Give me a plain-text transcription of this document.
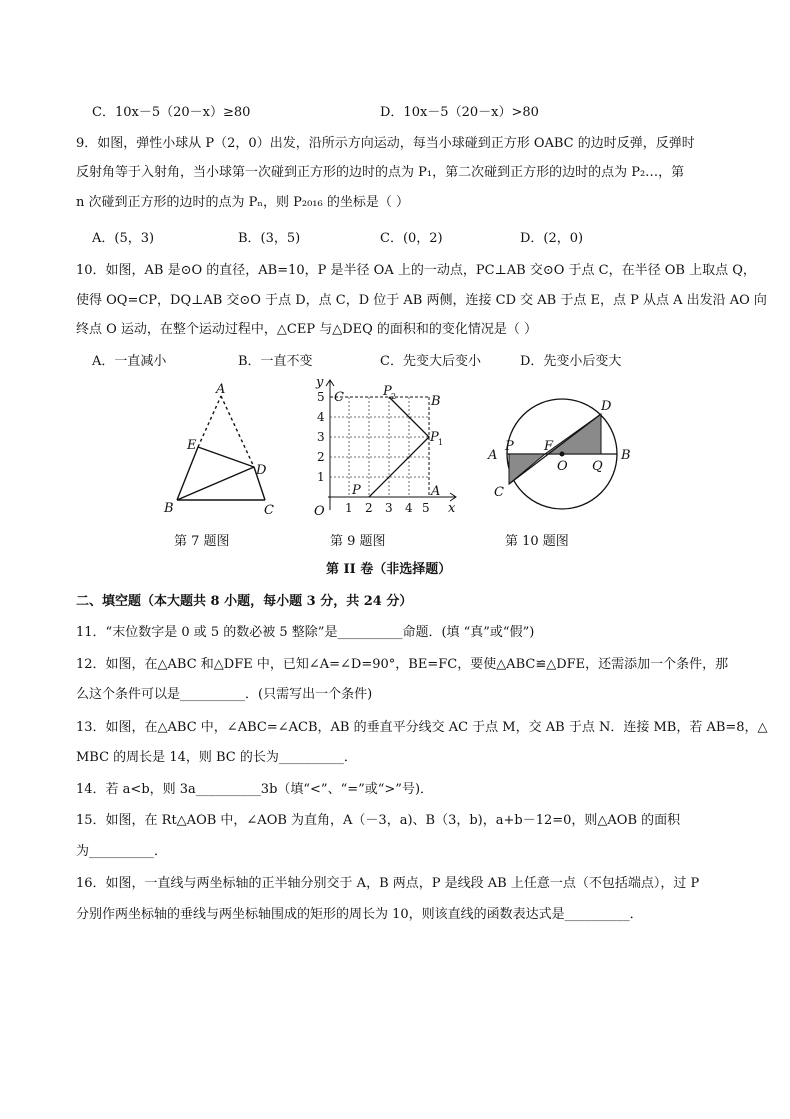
C．10x－5（20－x）≥80	D．10x－5（20－x）>80
9．如图，弹性小球从 P（2，0）出发，沿所示方向运动，每当小球碰到正方形 OABC 的边时反弹，反弹时
反射角等于入射角，当小球第一次碰到正方形的边时的点为 P₁，第二次碰到正方形的边时的点为 P₂…，第
n 次碰到正方形的边时的点为 Pₙ，则 P₂₀₁₆ 的坐标是（ ）
A．(5，3)	B．(3，5)	C．(0，2)	D．(2，0)
10．如图，AB 是⊙O 的直径，AB=10，P 是半径 OA 上的一动点，PC⊥AB 交⊙O 于点 C，在半径 OB 上取点 Q，
使得 OQ=CP，DQ⊥AB 交⊙O 于点 D，点 C，D 位于 AB 两侧，连接 CD 交 AB 于点 E，点 P 从点 A 出发沿 AO 向
终点 O 运动，在整个运动过程中，△CEP 与△DEQ 的面积和的变化情况是（ ）
A．一直减小	B．一直不变	C．先变大后变小	D．先变小后变大
A
E
D
B	C
第 7 题图
5
4
3
2
1
1 2 3 4 5
y
x
O
C	B
A
P
P
P
1
2
第 9 题图
A	B
C
D
P
Q
F
O
第 10 题图
第 II 卷（非选择题）
二、填空题（本大题共 8 小题，每小题 3 分，共 24 分）
11．“末位数字是 0 或 5 的数必被 5 整除”是__________命题．(填 “真”或“假”)
12．如图，在△ABC 和△DFE 中，已知∠A=∠D=90°，BE=FC，要使△ABC≌△DFE，还需添加一个条件，那
么这个条件可以是__________．(只需写出一个条件)
13．如图，在△ABC 中，∠ABC=∠ACB，AB 的垂直平分线交 AC 于点 M，交 AB 于点 N．连接 MB，若 AB=8，△
MBC 的周长是 14，则 BC 的长为__________．
14．若 a<b，则 3a__________3b（填“<”、“=”或“>”号)．
15．如图，在 Rt△AOB 中，∠AOB 为直角，A（－3，a)、B（3，b)，a+b－12=0，则△AOB 的面积
为__________．
16．如图，一直线与两坐标轴的正半轴分别交于 A，B 两点，P 是线段 AB 上任意一点（不包括端点），过 P
分别作两坐标轴的垂线与两坐标轴围成的矩形的周长为 10，则该直线的函数表达式是__________．
